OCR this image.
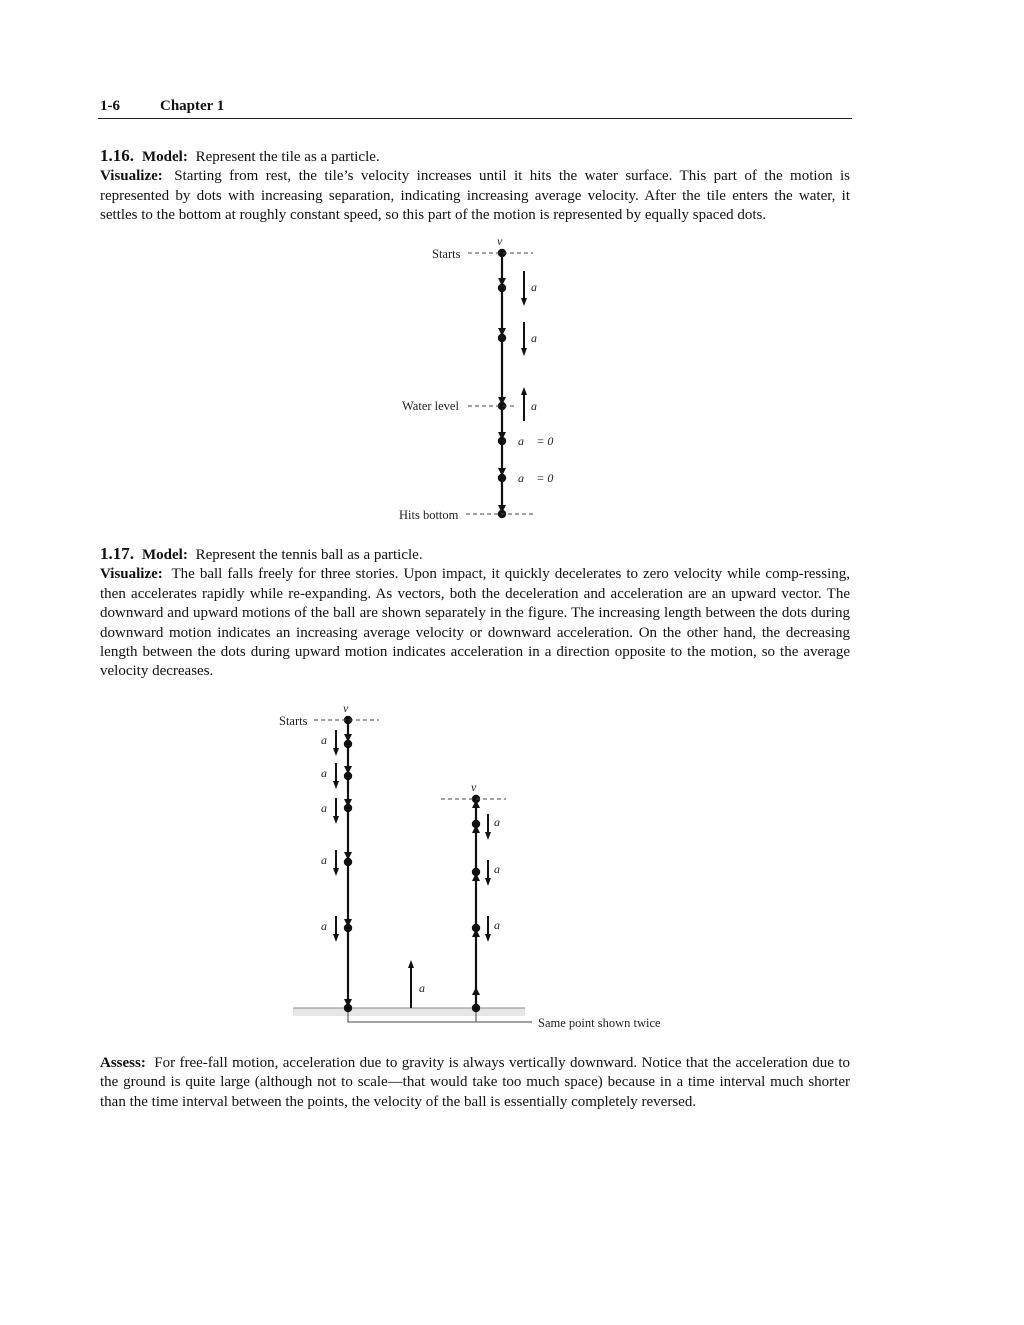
1-6	Chapter 1

1.16. Model: Represent the tile as a particle.

Visualize: Starting from rest, the tile’s velocity increases until it hits the water surface. This part of the motion is represented by dots with increasing separation, indicating increasing average velocity. After the tile enters the water, it settles to the bottom at roughly constant speed, so this part of the motion is represented by equally spaced dots.

1.17. Model: Represent the tennis ball as a particle.

Visualize: The ball falls freely for three stories. Upon impact, it quickly decelerates to zero velocity while comp-ressing, then accelerates rapidly while re-expanding. As vectors, both the deceleration and acceleration are an upward vector. The downward and upward motions of the ball are shown separately in the figure. The increasing length between the dots during downward motion indicates an increasing average velocity or downward acceleration. On the other hand, the decreasing length between the dots during upward motion indicates acceleration in a direction opposite to the motion, so the average velocity decreases.

Assess: For free-fall motion, acceleration due to gravity is always vertically downward. Notice that the acceleration due to the ground is quite large (although not to scale—that would take too much space) because in a time interval much shorter than the time interval between the points, the velocity of the ball is essentially completely reversed.

v⃗
Starts
Water level
Hits bottom
a⃗
a⃗
a⃗
a⃗ = 0⃗
a⃗ = 0⃗
v⃗
Starts
a⃗
a⃗
a⃗
a⃗
a⃗
a⃗
v⃗
a⃗
a⃗
a⃗
Same point shown twice
